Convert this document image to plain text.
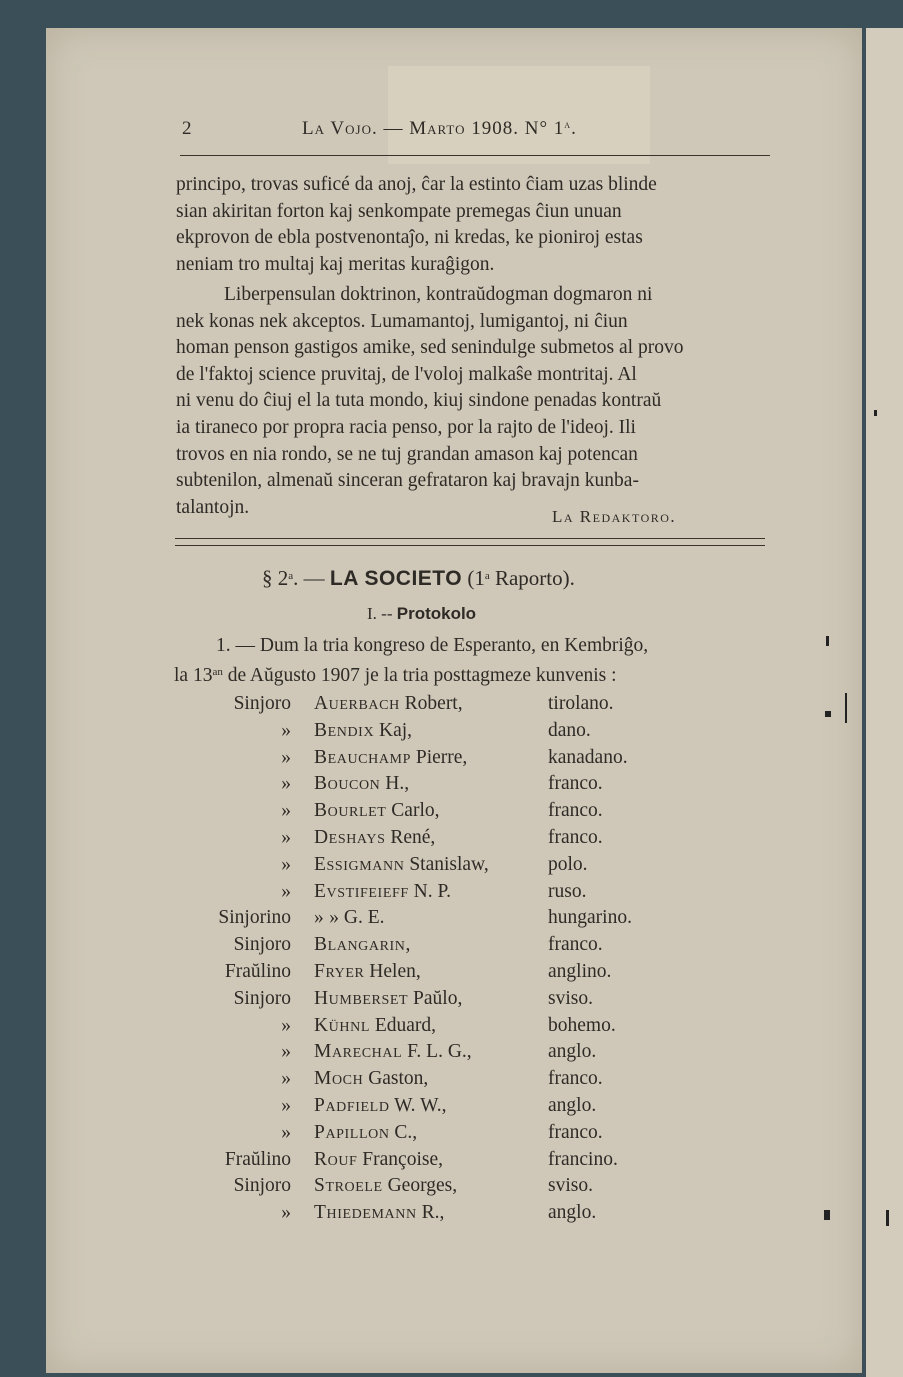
2	La Vojo. — Marto 1908. N° 1$^a$.
principo, trovas suficé da anoj, ĉar la estinto ĉiam uzas blinde
sian akiritan forton kaj senkompate premegas ĉiun unuan
ekprovon de ebla postvenontaĵo, ni kredas, ke pioniroj estas
neniam tro multaj kaj meritas kuraĝigon.
Liberpensulan doktrinon, kontraŭdogman dogmaron ni
nek konas nek akceptos. Lumamantoj, lumigantoj, ni ĉiun
homan penson gastigos amike, sed senindulge submetos al provo
de l'faktoj science pruvitaj, de l'voloj malkaŝe montritaj. Al
ni venu do ĉiuj el la tuta mondo, kiuj sindone penadas kontraŭ
ia tiraneco por propra racia penso, por la rajto de l'ideoj. Ili
trovos en nia rondo, se ne tuj grandan amason kaj potencan
subtenilon, almenaŭ sinceran gefrataron kaj bravajn kunba-
talantojn.	La Redaktoro.
§ 2$^a$. — LA SOCIETO (1$^a$ Raporto).
I. -- Protokolo
1. — Dum la tria kongreso de Esperanto, en Kembriĝo,
la $13^{an}$ de Aŭgusto 1907 je la tria posttagmeze kunvenis :
Sinjoro Auerbach Robert,	tirolano.
» Bendix Kaj,	dano.
» Beauchamp Pierre,	kanadano.
» Boucon H.,	franco.
» Bourlet Carlo,	franco.
» Deshays René,	franco.
» Essigmann Stanislaw,	polo.
» Evstifeieff N. P.	ruso.
Sinjorino » » G. E.	hungarino.
Sinjoro Blangarin,	franco.
Fraŭlino Fryer Helen,	anglino.
Sinjoro Humberset Paŭlo,	sviso.
» Kühnl Eduard,	bohemo.
» Marechal F. L. G.,	anglo.
» Moch Gaston,	franco.
» Padfield W. W.,	anglo.
» Papillon C.,	franco.
Fraŭlino Rouf Françoise,	francino.
Sinjoro Stroele Georges,	sviso.
» Thiedemann R.,	anglo.
